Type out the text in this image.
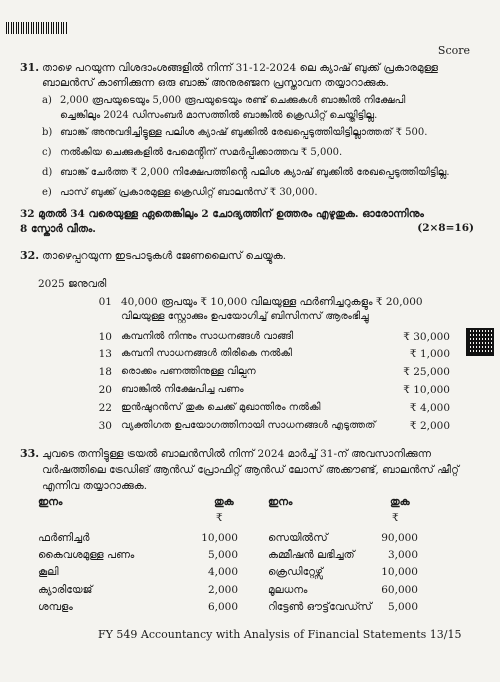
Score
31. താഴെ പറയുന്ന വിശദാംശങ്ങളിൽ നിന്ന് 31-12-2024 ലെ ക്യാഷ് ബുക്ക് പ്രകാരമുള്ള
ബാലൻസ് കാണിക്കുന്ന ഒരു ബാങ്ക് അനുരഞ്ജന പ്രസ്താവന തയ്യാറാക്കുക.
a) 2,000 രൂപയുടെയും 5,000 രൂപയുടെയും രണ്ട് ചെക്കുകൾ ബാങ്കിൽ നിക്ഷേപി
ച്ചെങ്കിലും 2024 ഡിസംബർ മാസത്തിൽ ബാങ്കിൽ ക്രെഡിറ്റ് ചെയ്തിട്ടില്ല.
b) ബാങ്ക് അനുവദിച്ചിട്ടുള്ള പലിശ ക്യാഷ് ബുക്കിൽ രേഖപ്പെടുത്തിയിട്ടില്ലാത്തത് ₹ 500.
c) നൽകിയ ചെക്കുകളിൽ പേമെൻ്റിന് സമർപ്പിക്കാത്തവ ₹ 5,000.
d) ബാങ്ക് ചേർത്ത ₹ 2,000 നിക്ഷേപത്തിൻ്റെ പലിശ ക്യാഷ് ബുക്കിൽ രേഖപ്പെടുത്തിയിട്ടില്ല.
e) പാസ് ബുക്ക് പ്രകാരമുള്ള ക്രെഡിറ്റ് ബാലൻസ് ₹ 30,000.
32 മുതൽ 34 വരെയുള്ള ഏതെങ്കിലും 2 ചോദ്യത്തിന് ഉത്തരം എഴുതുക. ഓരോന്നിനും
8 സ്കോർ വീതം.	(2×8=16)
32. താഴെപ്പറയുന്ന ഇടപാടുകൾ ജേണലൈസ് ചെയ്യുക.
2025 ജനുവരി
01 40,000 രൂപയും ₹ 10,000 വിലയുള്ള ഫർണിച്ചറുകളും ₹ 20,000
വിലയുള്ള സ്റ്റോക്കും ഉപയോഗിച്ച് ബിസിനസ് ആരംഭിച്ചു
10 കമ്പനിൽ നിന്നും സാധനങ്ങൾ വാങ്ങി	₹ 30,000
13 കമ്പനി സാധനങ്ങൾ തിരികെ നൽകി	₹ 1,000
18 രൊക്കം പണത്തിനുള്ള വില്പന	₹ 25,000
20 ബാങ്കിൽ നിക്ഷേപിച്ച പണം	₹ 10,000
22 ഇൻഷുറൻസ് തുക ചെക്ക് മുഖാന്തിരം നൽകി	₹ 4,000
30 വ്യക്തിഗത ഉപയോഗത്തിനായി സാധനങ്ങൾ എടുത്തത്	₹ 2,000
33. ചുവടെ തന്നിട്ടുള്ള ട്രയൽ ബാലൻസിൽ നിന്ന് 2024 മാർച്ച് 31-ന് അവസാനിക്കുന്ന
വർഷത്തിലെ ട്രേഡിങ് ആൻഡ് പ്രോഫിറ്റ് ആൻഡ് ലോസ് അക്കൗണ്ട്, ബാലൻസ് ഷീറ്റ്
എന്നിവ തയ്യാറാക്കുക.
ഇനം	തുക	ഇനം	തുക
₹	₹
ഫർണിച്ചർ	10,000	സെയിൽസ്	90,000
കൈവശമുള്ള പണം	5,000	കമ്മീഷൻ ലഭിച്ചത്	3,000
കൂലി	4,000	ക്രെഡിറ്റേഴ്സ്	10,000
ക്യാരിയേജ്	2,000	മൂലധനം	60,000
ശമ്പളം	6,000	റിട്ടേൺ ഔട്ട്‌വേഡ്സ്	5,000
FY 549 Accountancy with Analysis of Financial Statements 13/15
